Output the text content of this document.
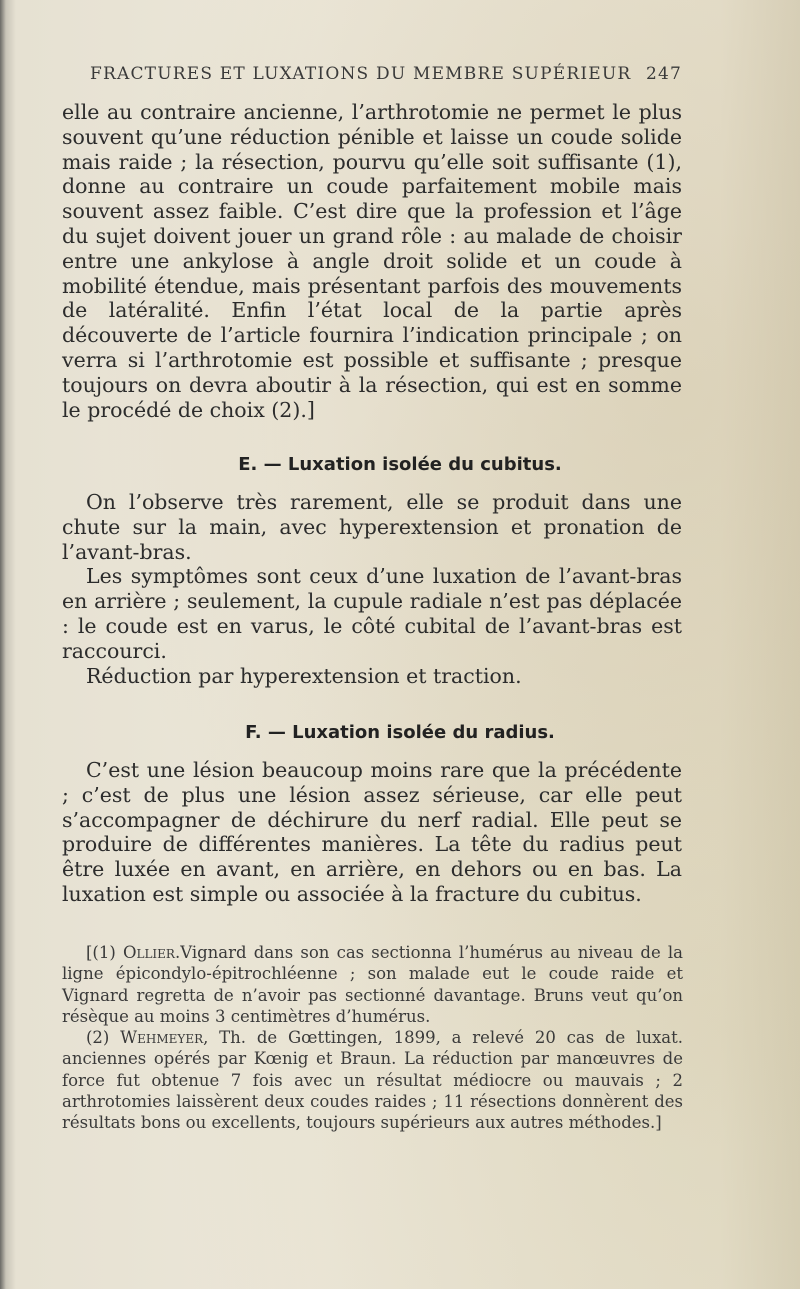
FRACTURES ET LUXATIONS DU MEMBRE SUPÉRIEUR 247

elle au contraire ancienne, l’arthrotomie ne permet le plus souvent qu’une réduction pénible et laisse un coude solide mais raide ; la résection, pourvu qu’elle soit suffisante (1), donne au contraire un coude parfaitement mobile mais souvent assez faible. C’est dire que la profession et l’âge du sujet doivent jouer un grand rôle : au malade de choisir entre une ankylose à angle droit solide et un coude à mobilité étendue, mais présentant parfois des mouvements de latéralité. Enfin l’état local de la partie après découverte de l’article fournira l’indication principale ; on verra si l’arthrotomie est possible et suffisante ; presque toujours on devra aboutir à la résection, qui est en somme le procédé de choix (2).]

E. — Luxation isolée du cubitus.

On l’observe très rarement, elle se produit dans une chute sur la main, avec hyperextension et pronation de l’avant-bras.

Les symptômes sont ceux d’une luxation de l’avant-bras en arrière ; seulement, la cupule radiale n’est pas déplacée : le coude est en varus, le côté cubital de l’avant-bras est raccourci.

Réduction par hyperextension et traction.

F. — Luxation isolée du radius.

C’est une lésion beaucoup moins rare que la précédente ; c’est de plus une lésion assez sérieuse, car elle peut s’accompagner de déchirure du nerf radial. Elle peut se produire de différentes manières. La tête du radius peut être luxée en avant, en arrière, en dehors ou en bas. La luxation est simple ou associée à la fracture du cubitus.

[(1) Ollier.Vignard dans son cas sectionna l’humérus au niveau de la ligne épicondylo-épitrochléenne ; son malade eut le coude raide et Vignard regretta de n’avoir pas sectionné davantage. Bruns veut qu’on résèque au moins 3 centimètres d’humérus.

(2) Wehmeyer, Th. de Gœttingen, 1899, a relevé 20 cas de luxat. anciennes opérés par Kœnig et Braun. La réduction par manœuvres de force fut obtenue 7 fois avec un résultat médiocre ou mauvais ; 2 arthrotomies laissèrent deux coudes raides ; 11 résections donnèrent des résultats bons ou excellents, toujours supérieurs aux autres méthodes.]
